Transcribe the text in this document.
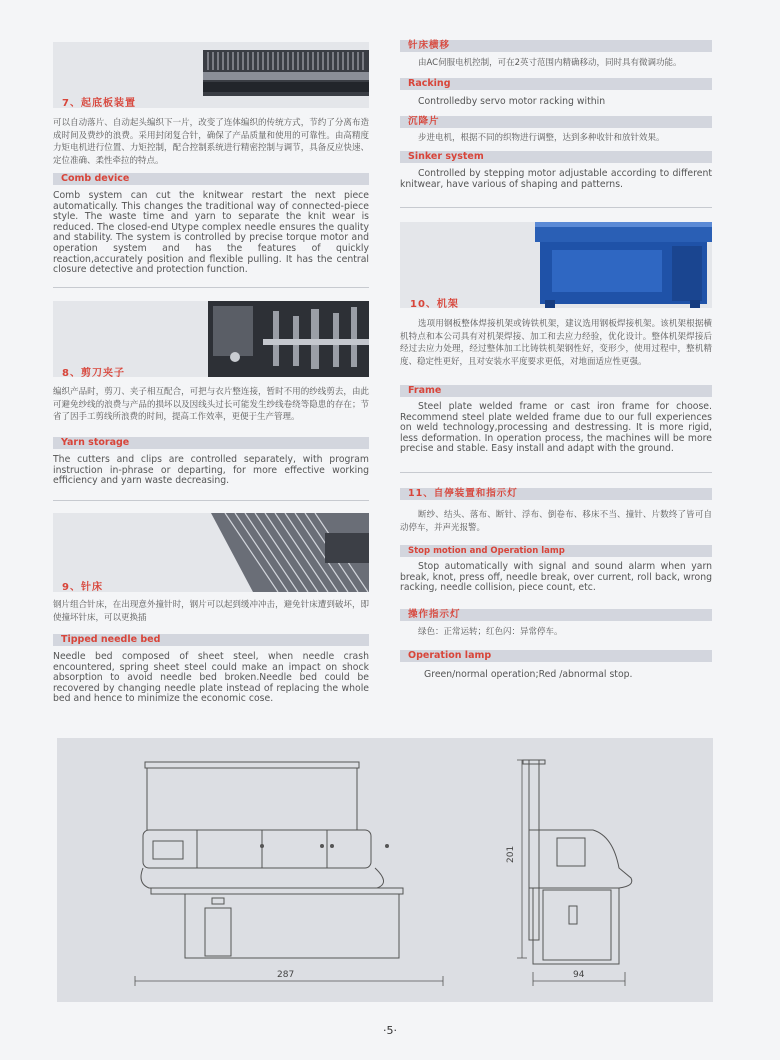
7、起底板装置
可以自动落片、自动起头编织下一片，改变了连体编织的传统方式，节约了分离布造成时间及费纱的浪费。采用封闭复合针，确保了产品质量和使用的可靠性。由高精度力矩电机进行位置、力矩控制，配合控制系统进行精密控制与调节，具备反应快速、定位准确、柔性牵拉的特点。
Comb device
Comb system can cut the knitwear restart the next piece automatically. This changes the traditional way of connected-piece style. The waste time and yarn to separate the knit wear is reduced. The closed-end Utype complex needle ensures the quality and stability. The system is controlled by precise torque motor and operation system and has the features of quickly reaction,accurately position and flexible pulling. It has the central closure detective and protection function.
8、剪刀夹子
编织产品时，剪刀、夹子相互配合，可把与衣片整连接，暂时不用的纱线剪去，由此可避免纱线的浪费与产品的损坏以及因线头过长可能发生纱线卷绕等隐患的存在；节省了因手工剪线所浪费的时间，提高工作效率，更便于生产管理。
Yarn storage
The cutters and clips are controlled separately, with program instruction in-phrase or departing, for more effective working efficiency and yarn waste decreasing.
9、针床
钢片组合针床，在出现意外撞针时，钢片可以起到缓冲冲击，避免针床遭到破坏，即使撞坏针床，可以更换插
Tipped needle bed
Needle bed composed of sheet steel, when needle crash encountered, spring sheet steel could make an impact on shock absorption to avoid needle bed broken.Needle bed could be recovered by changing needle plate instead of replacing the whole bed and hence to minimize the economic cose.
针床横移
由AC伺服电机控制，可在2英寸范围内精确移动，同时具有微调功能。
Racking
Controlledby servo motor racking within
沉降片
步进电机，根据不同的织物进行调整，达到多种收针和放针效果。
Sinker system
Controlled by stepping motor adjustable according to different knitwear, have various of shaping and patterns.
10、机架
选项用钢板整体焊接机架或铸铁机架，建议选用钢板焊接机架。该机架根据横机特点和本公司具有对机架焊接、加工和去应力经验，优化设计。整体机架焊接后经过去应力处理，经过整体加工比铸铁机架钢性好，变形少，使用过程中，整机精度、稳定性更好，且对安装水平度要求更低，对地面适应性更强。
Frame
Steel plate welded frame or cast iron frame for choose. Recommend steel plate welded frame due to our full experiences on weld technology,processing and destressing. It is more rigid, less deformation. In operation process, the machines will be more precise and stable. Easy install and adapt with the ground.
11、自停装置和指示灯
断纱、结头、落布、断针、浮布、倒卷布、移床不当、撞针、片数终了皆可自动停车，并声光报警。
Stop motion and Operation lamp
Stop automatically with signal and sound alarm when yarn break, knot, press off, needle break, over current, roll back, wrong racking, needle collision, piece count, etc.
操作指示灯
绿色：正常运转；红色闪：异常停车。
Operation lamp
Green/normal operation;Red /abnormal stop.
287
201
94
·5·
